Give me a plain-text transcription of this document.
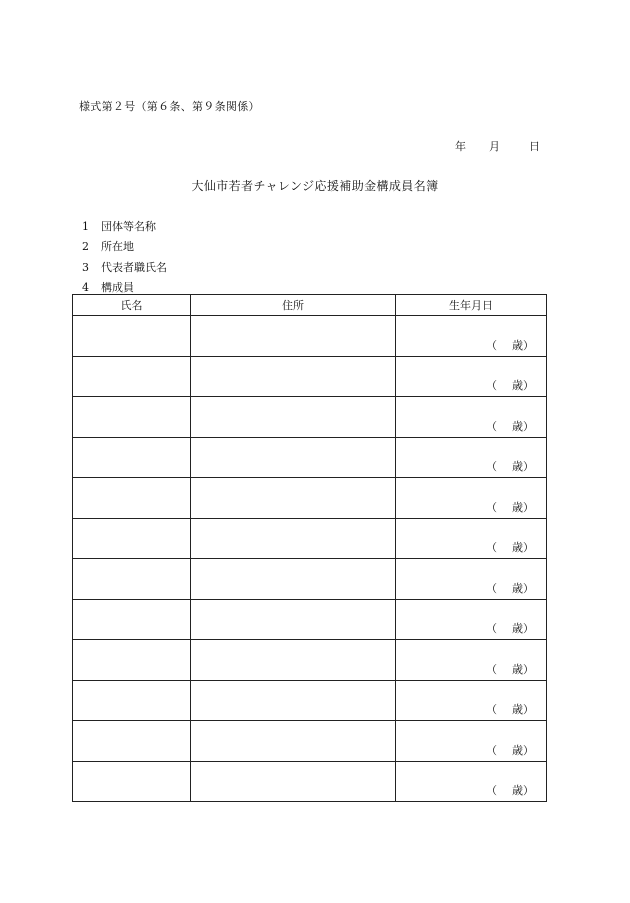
様式第２号（第６条、第９条関係）
年	月	日
大仙市若者チャレンジ応援補助金構成員名簿
1	団体等名称
2	所在地
3	代表者職氏名
4	構成員
氏名	住所	生年月日

		（ 歳）

		（ 歳）

		（ 歳）

		（ 歳）

		（ 歳）

		（ 歳）

		（ 歳）

		（ 歳）

		（ 歳）

		（ 歳）

		（ 歳）

		（ 歳）
